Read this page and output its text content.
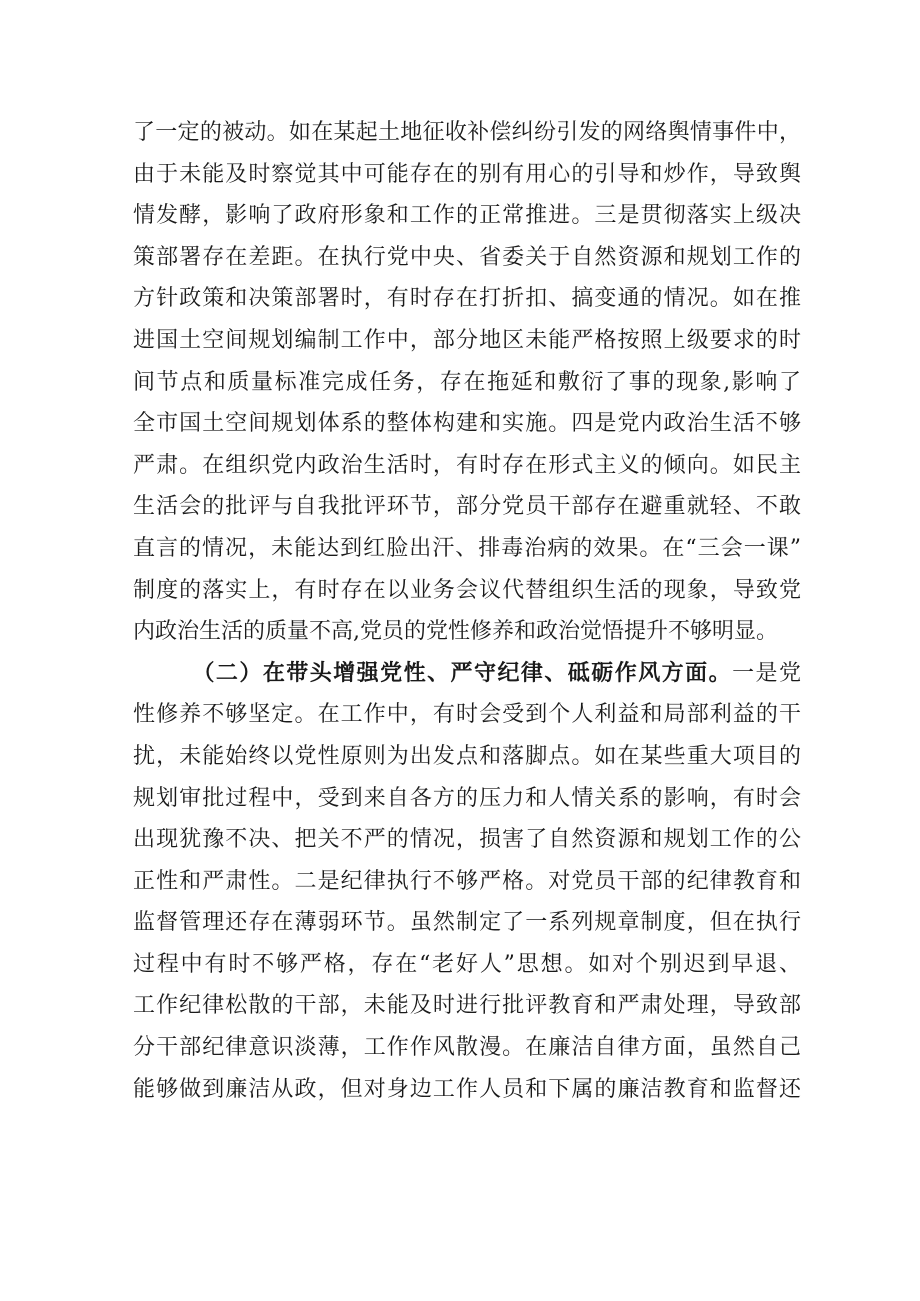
了一定的被动。如在某起土地征收补偿纠纷引发的网络舆情事件中，
由于未能及时察觉其中可能存在的别有用心的引导和炒作，导致舆
情发酵，影响了政府形象和工作的正常推进。三是贯彻落实上级决
策部署存在差距。在执行党中央、省委关于自然资源和规划工作的
方针政策和决策部署时，有时存在打折扣、搞变通的情况。如在推
进国土空间规划编制工作中，部分地区未能严格按照上级要求的时
间节点和质量标准完成任务，存在拖延和敷衍了事的现象,影响了
全市国土空间规划体系的整体构建和实施。四是党内政治生活不够
严肃。在组织党内政治生活时，有时存在形式主义的倾向。如民主
生活会的批评与自我批评环节，部分党员干部存在避重就轻、不敢
直言的情况，未能达到红脸出汗、排毒治病的效果。在“三会一课”
制度的落实上，有时存在以业务会议代替组织生活的现象，导致党
内政治生活的质量不高,党员的党性修养和政治觉悟提升不够明显。
（二）在带头增强党性、严守纪律、砥砺作风方面。一是党
性修养不够坚定。在工作中，有时会受到个人利益和局部利益的干
扰，未能始终以党性原则为出发点和落脚点。如在某些重大项目的
规划审批过程中，受到来自各方的压力和人情关系的影响，有时会
出现犹豫不决、把关不严的情况，损害了自然资源和规划工作的公
正性和严肃性。二是纪律执行不够严格。对党员干部的纪律教育和
监督管理还存在薄弱环节。虽然制定了一系列规章制度，但在执行
过程中有时不够严格，存在“老好人”思想。如对个别迟到早退、
工作纪律松散的干部，未能及时进行批评教育和严肃处理，导致部
分干部纪律意识淡薄，工作作风散漫。在廉洁自律方面，虽然自己
能够做到廉洁从政，但对身边工作人员和下属的廉洁教育和监督还
